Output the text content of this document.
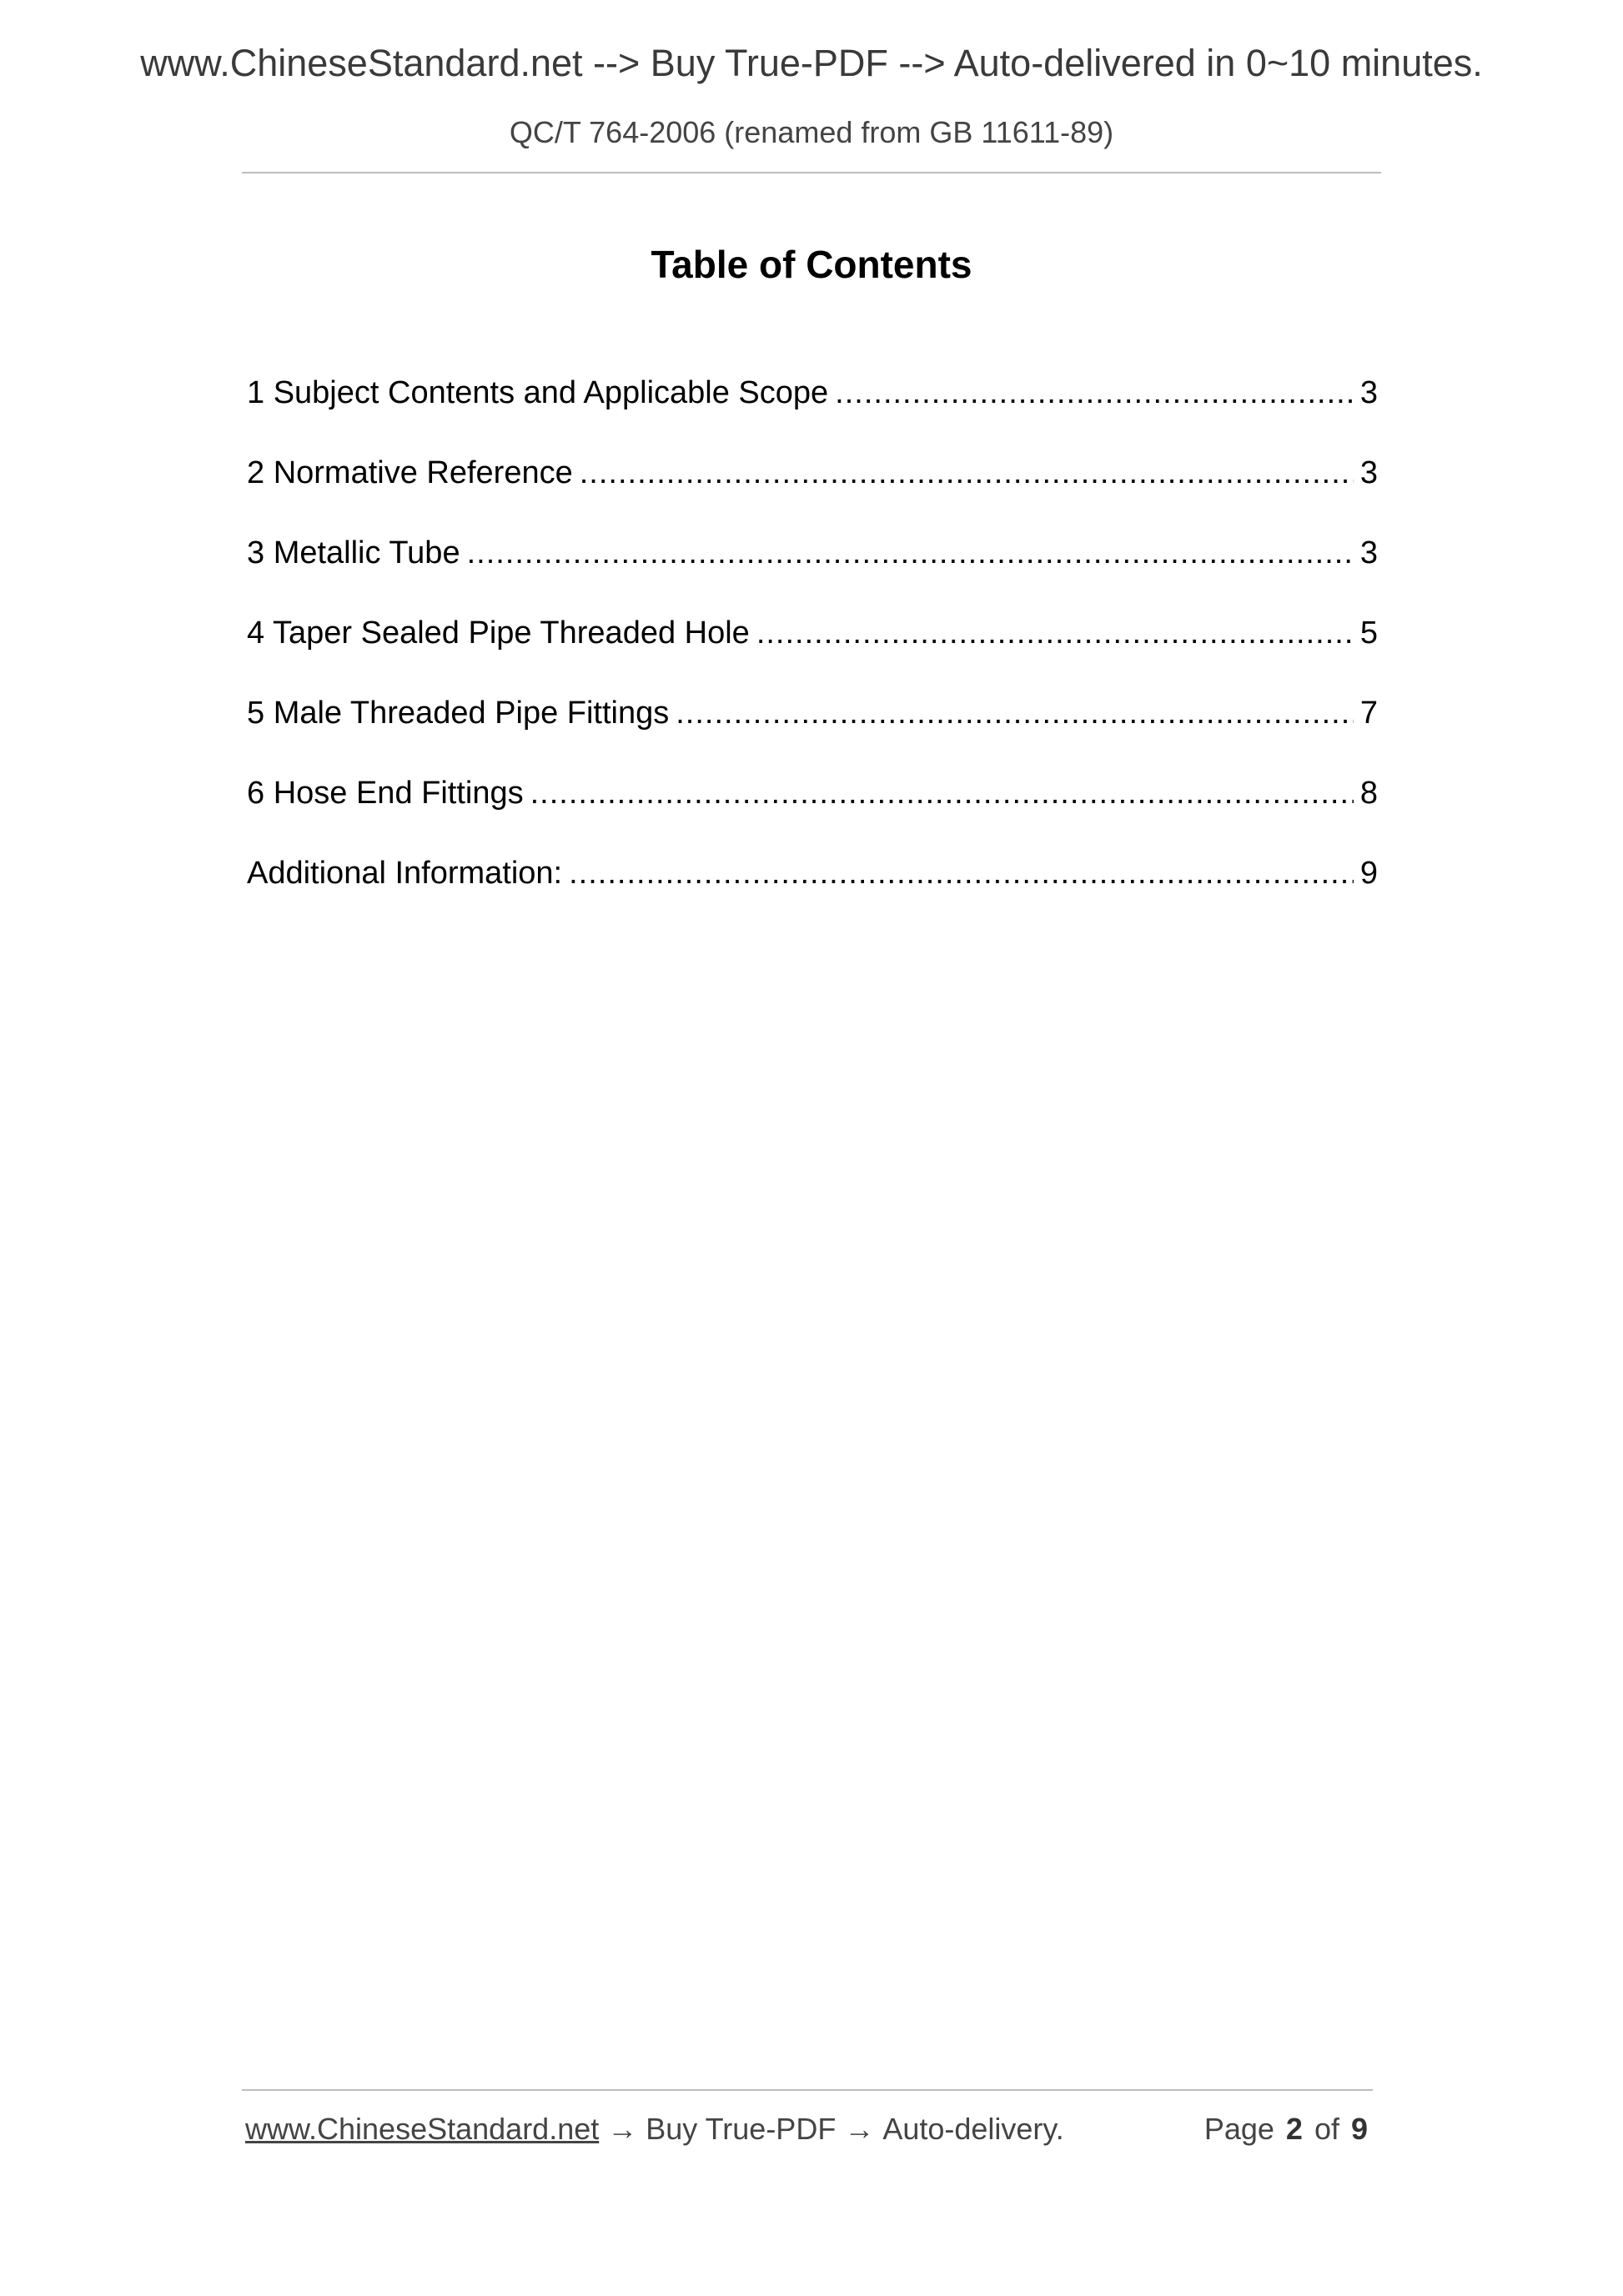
www.ChineseStandard.net --> Buy True-PDF --> Auto-delivered in 0~10 minutes.
QC/T 764-2006 (renamed from GB 11611-89)
Table of Contents
1 Subject Contents and Applicable Scope .....	3
2 Normative Reference .....	3
3 Metallic Tube .....	3
4 Taper Sealed Pipe Threaded Hole .....	5
5 Male Threaded Pipe Fittings .....	7
6 Hose End Fittings .....	8
Additional Information: .....	9
www.ChineseStandard.net → Buy True-PDF → Auto-delivery.	Page 2 of 9
